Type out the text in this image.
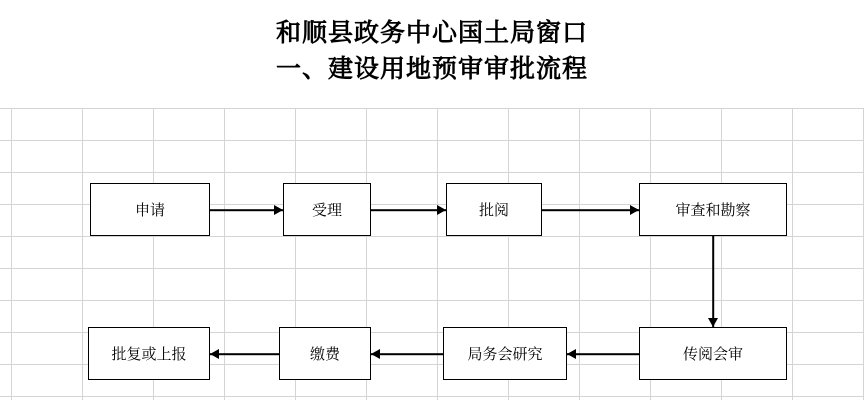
和顺县政务中心国土局窗口
一、建设用地预审审批流程
申请	受理	批阅	审查和勘察
传阅会审
局务会研究
缴费
批复或上报
